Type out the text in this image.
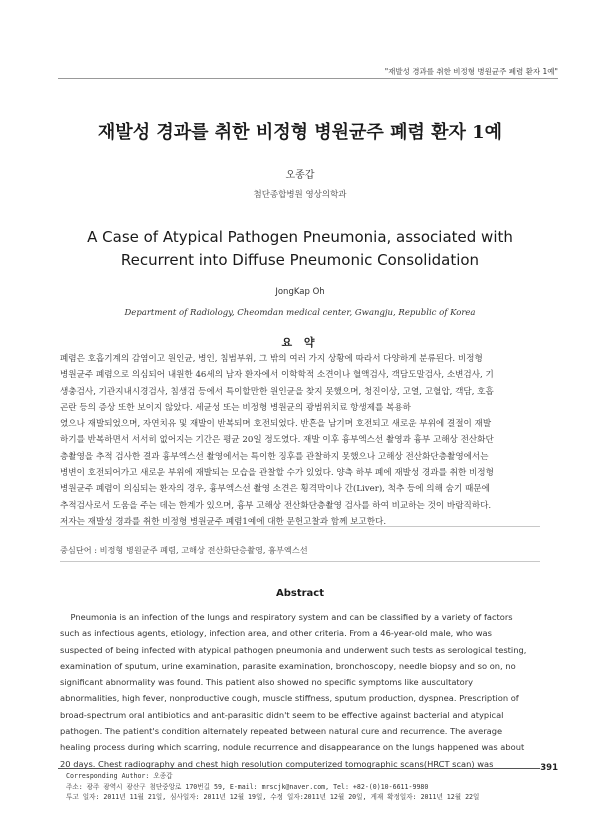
"재발성 경과를 취한 비정형 병원균주 폐렴 환자 1예"
재발성 경과를 취한 비정형 병원균주 폐렴 환자 1예
오종갑
첨단종합병원 영상의학과
A Case of Atypical Pathogen Pneumonia, associated with Recurrent into Diffuse Pneumonic Consolidation
JongKap Oh
Department of Radiology, Cheomdan medical center, Gwangju, Republic of Korea
요 약
폐렴은 호흡기계의 감염이고 원인균, 병인, 침범부위, 그 밖의 여러 가지 상황에 따라서 다양하게 분류된다. 비정형
병원균주 폐렴으로 의심되어 내원한 46세의 남자 환자에서 이학학적 소견이나 혈액검사, 객담도말검사, 소변검사, 기
생충검사, 기관지내시경검사, 침생검 등에서 특이할만한 원인균을 찾지 못했으며, 청진이상, 고열, 고혈압, 객담, 호흡
곤란 등의 증상 또한 보이지 않았다. 세균성 또는 비정형 병원균의 광범위치료 항생제를 복용하
였으나 재발되었으며, 자연치유 및 재발이 반복되며 호전되었다. 반흔을 남기며 호전되고 새로운 부위에 결절이 재발
하기를 반복하면서 서서히 없어지는 기간은 평균 20일 정도였다. 재발 이후 흉부엑스선 촬영과 흉부 고해상 전산화단
층촬영을 추적 검사한 결과 흉부엑스선 촬영에서는 특이한 징후를 관찰하지 못했으나 고해상 전산화단층촬영에서는
병변이 호전되어가고 새로운 부위에 재발되는 모습을 관찰할 수가 있었다. 양측 하부 폐에 재발성 경과를 취한 비정형
병원균주 폐렴이 의심되는 환자의 경우, 흉부엑스선 촬영 소견은 횡격막이나 간(Liver), 척추 등에 의해 숨기 때문에
추적검사로서 도움을 주는 데는 한계가 있으며, 흉부 고해상 전산화단층촬영 검사를 하여 비교하는 것이 바람직하다.
저자는 재발성 경과를 취한 비정형 병원균주 폐렴1예에 대한 문헌고찰과 함께 보고한다.
중심단어 : 비정형 병원균주 폐렴, 고해상 전산화단층촬영, 흉부엑스선
Abstract
Pneumonia is an infection of the lungs and respiratory system and can be classified by a variety of factors
such as infectious agents, etiology, infection area, and other criteria. From a 46-year-old male, who was
suspected of being infected with atypical pathogen pneumonia and underwent such tests as serological testing,
examination of sputum, urine examination, parasite examination, bronchoscopy, needle biopsy and so on, no
significant abnormality was found. This patient also showed no specific symptoms like auscultatory
abnormalities, high fever, nonproductive cough, muscle stiffness, sputum production, dyspnea. Prescription of
broad-spectrum oral antibiotics and ant-parasitic didn't seem to be effective against bacterial and atypical
pathogen. The patient's condition alternately repeated between natural cure and recurrence. The average
healing process during which scarring, nodule recurrence and disappearance on the lungs happened was about
20 days. Chest radiography and chest high resolution computerized tomographic scans(HRCT scan) was	391
Corresponding Author: 오종갑
주소: 광주 광역시 광산구 첨단중앙로 170번길 59, E-mail: mrscjk@naver.com, Tel: +82-(0)10-6611-9980
투고 일자: 2011년 11월 21일, 심사일자: 2011년 12월 19일, 수정 일자:2011년 12월 20일, 게재 확정일자: 2011년 12월 22일
